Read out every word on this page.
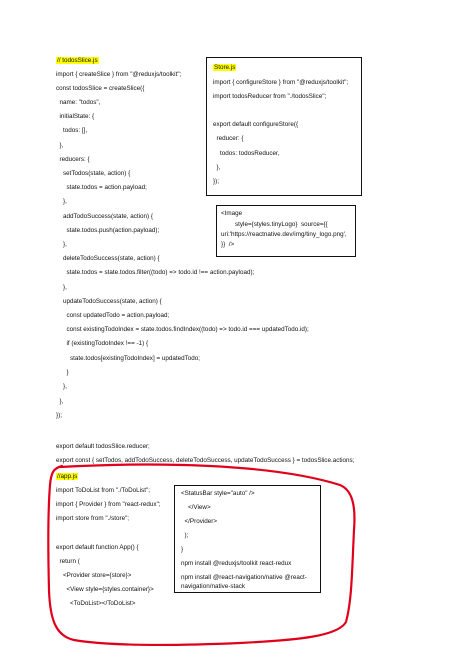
// todosSlice.js
import { createSlice } from "@reduxjs/toolkit";
const todosSlice = createSlice({
name: "todos",
initialState: {
todos: [],
},
reducers: {
setTodos(state, action) {
state.todos = action.payload;
},
addTodoSuccess(state, action) {
state.todos.push(action.payload);
},
deleteTodoSuccess(state, action) {
state.todos = state.todos.filter((todo) => todo.id !== action.payload);
},
updateTodoSuccess(state, action) {
const updatedTodo = action.payload;
const existingTodoIndex = state.todos.findIndex((todo) => todo.id === updatedTodo.id);
if (existingTodoIndex !== -1) {
state.todos[existingTodoIndex] = updatedTodo;
}
},
},
});
export default todosSlice.reducer;
export const { setTodos, addTodoSuccess, deleteTodoSuccess, updateTodoSuccess } = todosSlice.actions;
Store.js
import { configureStore } from "@reduxjs/toolkit";
import todosReducer from "./todosSlice";
export default configureStore({
reducer: {
todos: todosReducer,
},
});
<Image
style={styles.tinyLogo}  source={{
uri:'https://reactnative.dev/img/tiny_logo.png',
}}  />
//app.js
import ToDoList from "./ToDoList";
import { Provider } from "react-redux";
import store from "./store";
export default function App() {
return (
<Provider store={store}>
<View style={styles.container}>
<ToDoList></ToDoList>
<StatusBar style="auto" />
</View>
</Provider>
);
}
npm install @reduxjs/toolkit react-redux
npm install @react-navigation/native @react-
navigation/native-stack
